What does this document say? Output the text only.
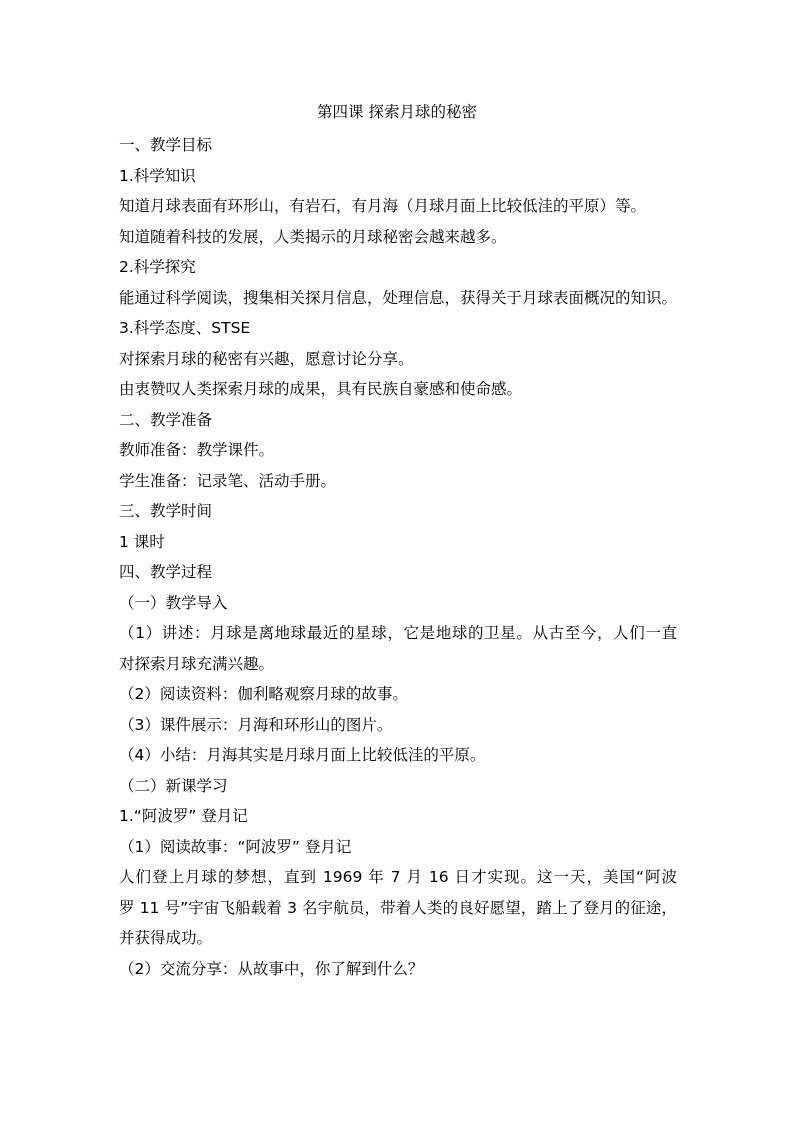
第四课 探索月球的秘密
一、教学目标
1.科学知识
知道月球表面有环形山，有岩石，有月海（月球月面上比较低洼的平原）等。
知道随着科技的发展，人类揭示的月球秘密会越来越多。
2.科学探究
能通过科学阅读，搜集相关探月信息，处理信息，获得关于月球表面概况的知识。
3.科学态度、STSE
对探索月球的秘密有兴趣，愿意讨论分享。
由衷赞叹人类探索月球的成果，具有民族自豪感和使命感。
二、教学准备
教师准备：教学课件。
学生准备：记录笔、活动手册。
三、教学时间
1 课时
四、教学过程
（一）教学导入
（1）讲述：月球是离地球最近的星球，它是地球的卫星。从古至今，人们一直
对探索月球充满兴趣。
（2）阅读资料：伽利略观察月球的故事。
（3）课件展示：月海和环形山的图片。
（4）小结：月海其实是月球月面上比较低洼的平原。
（二）新课学习
1.“阿波罗” 登月记
（1）阅读故事：“阿波罗” 登月记
人们登上月球的梦想，直到 1969 年 7 月 16 日才实现。这一天，美国“阿波
罗 11 号”宇宙飞船载着 3 名宇航员，带着人类的良好愿望，踏上了登月的征途，
并获得成功。
（2）交流分享：从故事中，你了解到什么？
